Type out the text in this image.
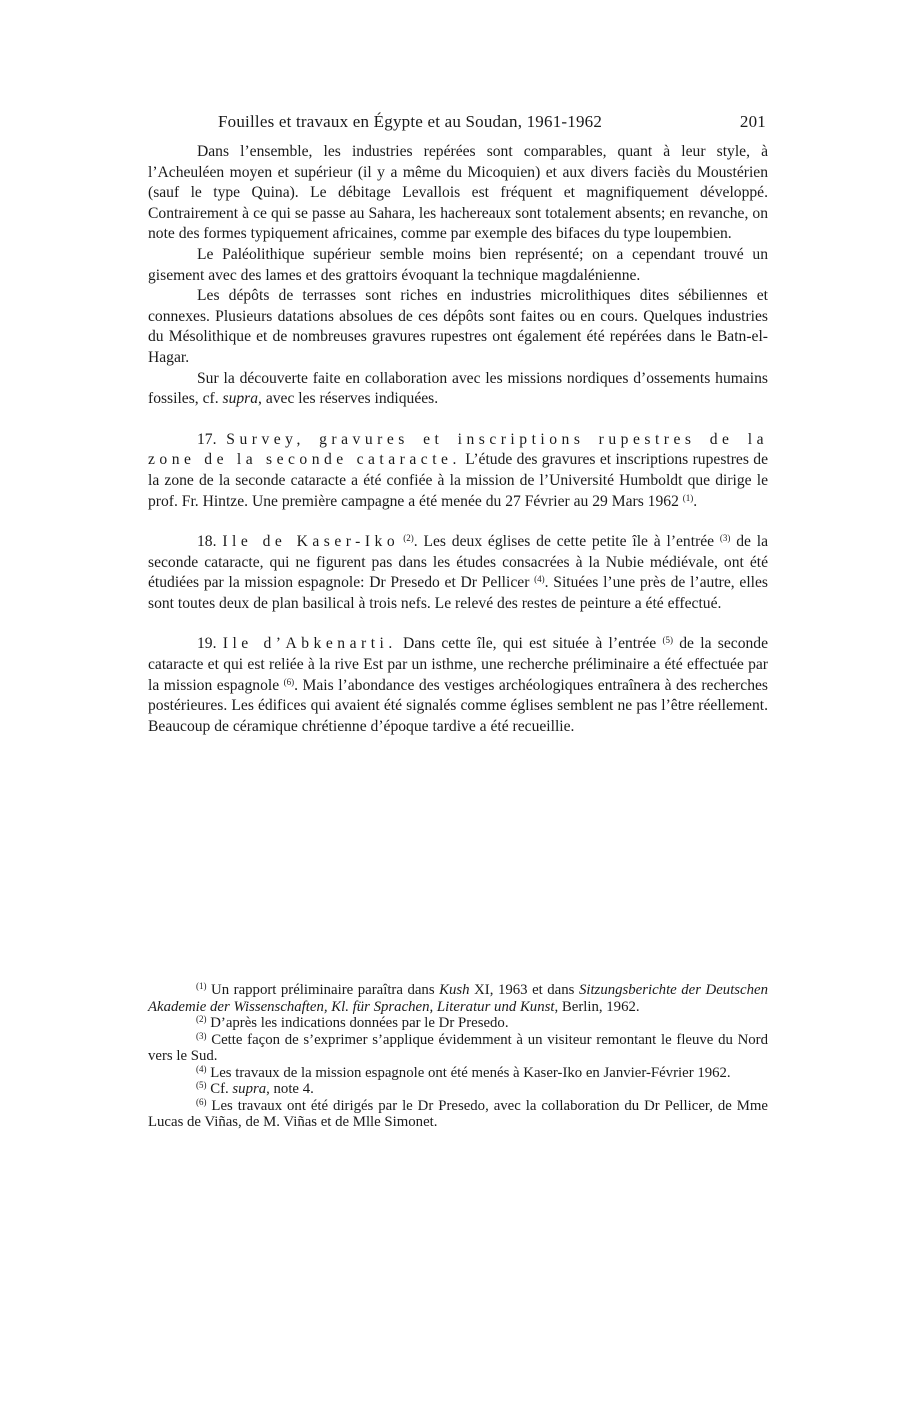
Fouilles et travaux en Égypte et au Soudan, 1961-1962	201

Dans l’ensemble, les industries repérées sont comparables, quant à leur style, à l’Acheuléen moyen et supérieur (il y a même du Micoquien) et aux divers faciès du Moustérien (sauf le type Quina). Le débitage Levallois est fréquent et magnifiquement développé. Contrairement à ce qui se passe au Sahara, les hachereaux sont totalement absents; en revanche, on note des formes typiquement africaines, comme par exemple des bifaces du type loupembien.

Le Paléolithique supérieur semble moins bien représenté; on a cependant trouvé un gisement avec des lames et des grattoirs évoquant la technique magdalénienne.

Les dépôts de terrasses sont riches en industries microlithiques dites sébiliennes et connexes. Plusieurs datations absolues de ces dépôts sont faites ou en cours. Quelques industries du Mésolithique et de nombreuses gravures rupestres ont également été repérées dans le Batn-el-Hagar.

Sur la découverte faite en collaboration avec les missions nordiques d’ossements humains fossiles, cf. supra, avec les réserves indiquées.

17. Survey, gravures et inscriptions rupestres de la zone de la seconde cataracte. L’étude des gravures et inscriptions rupestres de la zone de la seconde cataracte a été confiée à la mission de l’Université Humboldt que dirige le prof. Fr. Hintze. Une première campagne a été menée du 27 Février au 29 Mars 1962 $^{(1)}$.

18. Ile de Kaser-Iko $^{(2)}$. Les deux églises de cette petite île à l’entrée $^{(3)}$ de la seconde cataracte, qui ne figurent pas dans les études consacrées à la Nubie médiévale, ont été étudiées par la mission espagnole: Dr Presedo et Dr Pellicer $^{(4)}$. Situées l’une près de l’autre, elles sont toutes deux de plan basilical à trois nefs. Le relevé des restes de peinture a été effectué.

19. Ile d’Abkenarti. Dans cette île, qui est située à l’entrée $^{(5)}$ de la seconde cataracte et qui est reliée à la rive Est par un isthme, une recherche préliminaire a été effectuée par la mission espagnole $^{(6)}$. Mais l’abondance des vestiges archéologiques entraînera à des recherches postérieures. Les édifices qui avaient été signalés comme églises semblent ne pas l’être réellement. Beaucoup de céramique chrétienne d’époque tardive a été recueillie.

$^{(1)}$ Un rapport préliminaire paraîtra dans Kush XI, 1963 et dans Sitzungsberichte der Deutschen Akademie der Wissenschaften, Kl. für Sprachen, Literatur und Kunst, Berlin, 1962.

$^{(2)}$ D’après les indications données par le Dr Presedo.

$^{(3)}$ Cette façon de s’exprimer s’applique évidemment à un visiteur remontant le fleuve du Nord vers le Sud.

$^{(4)}$ Les travaux de la mission espagnole ont été menés à Kaser-Iko en Janvier-Février 1962.

$^{(5)}$ Cf. supra, note 4.

$^{(6)}$ Les travaux ont été dirigés par le Dr Presedo, avec la collaboration du Dr Pellicer, de Mme Lucas de Viñas, de M. Viñas et de Mlle Simonet.
